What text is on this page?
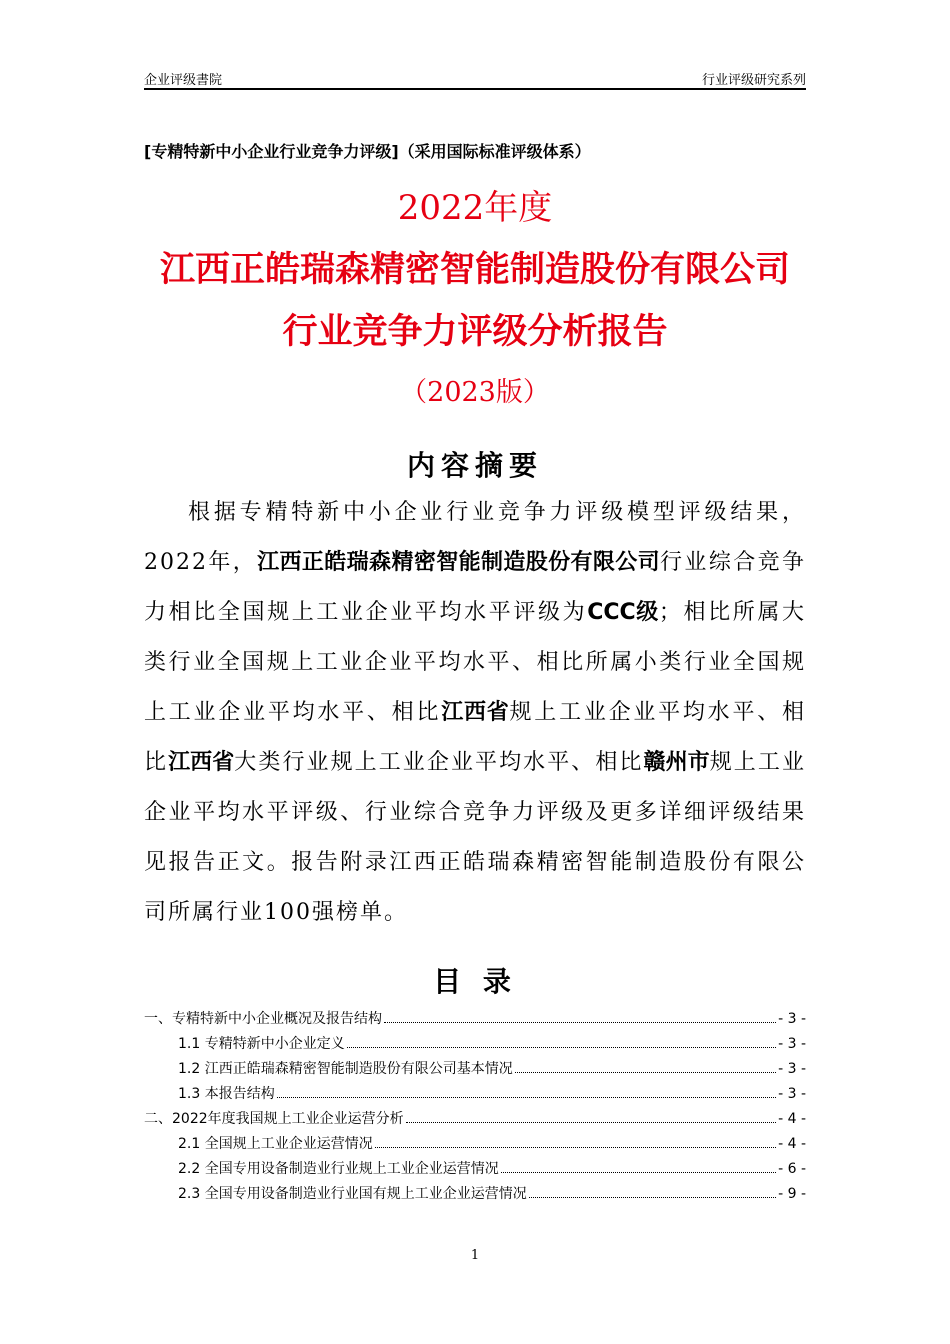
企业评级書院	行业评级研究系列
[专精特新中小企业行业竞争力评级]（采用国际标准评级体系）
2022年度
江西正皓瑞森精密智能制造股份有限公司
行业竞争力评级分析报告
（2023版）
内容摘要
根据专精特新中小企业行业竞争力评级模型评级结果，2022年，江西正皓瑞森精密智能制造股份有限公司行业综合竞争力相比全国规上工业企业平均水平评级为CCC级；相比所属大类行业全国规上工业企业平均水平、相比所属小类行业全国规上工业企业平均水平、相比江西省规上工业企业平均水平、相比江西省大类行业规上工业企业平均水平、相比赣州市规上工业企业平均水平评级、行业综合竞争力评级及更多详细评级结果见报告正文。报告附录江西正皓瑞森精密智能制造股份有限公司所属行业100强榜单。
目 录
一、专精特新中小企业概况及报告结构	- 3 -
1.1 专精特新中小企业定义	- 3 -
1.2 江西正皓瑞森精密智能制造股份有限公司基本情况	- 3 -
1.3 本报告结构	- 3 -
二、2022年度我国规上工业企业运营分析	- 4 -
2.1 全国规上工业企业运营情况	- 4 -
2.2 全国专用设备制造业行业规上工业企业运营情况	- 6 -
2.3 全国专用设备制造业行业国有规上工业企业运营情况	- 9 -
1
